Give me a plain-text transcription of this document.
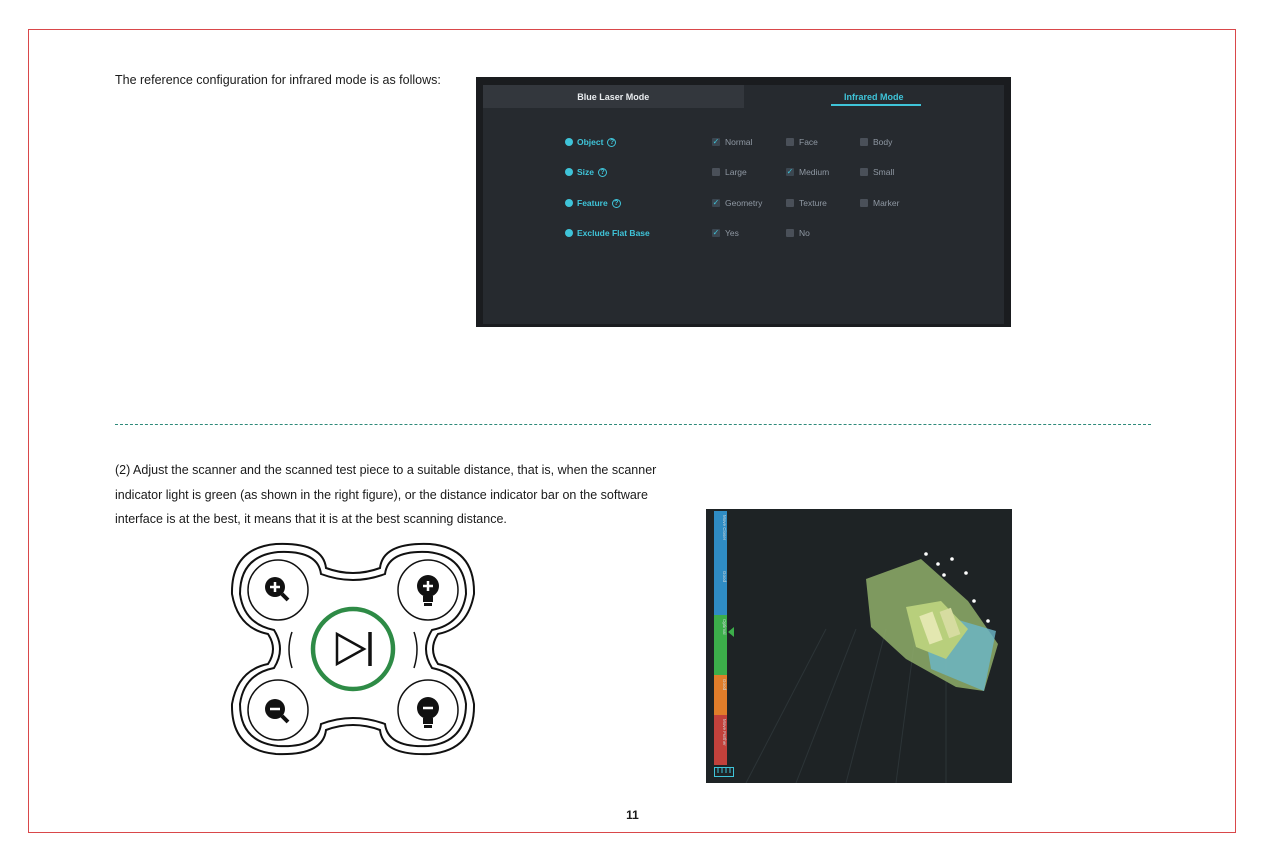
The reference configuration for infrared mode is as follows:
Blue Laser Mode	Infrared Mode
Object ?	✓ Normal	Face	Body
Size ?	Large	✓ Medium	Small
Feature ?	✓ Geometry	Texture	Marker
Exclude Flat Base	✓ Yes	No
(2) Adjust the scanner and the scanned test piece to a suitable distance, that is, when the scanner indicator light is green (as shown in the right figure), or the distance indicator bar on the software interface is at the best, it means that it is at the best scanning distance.	Move Closer
Good
Optimal
Good
Move Further
11
